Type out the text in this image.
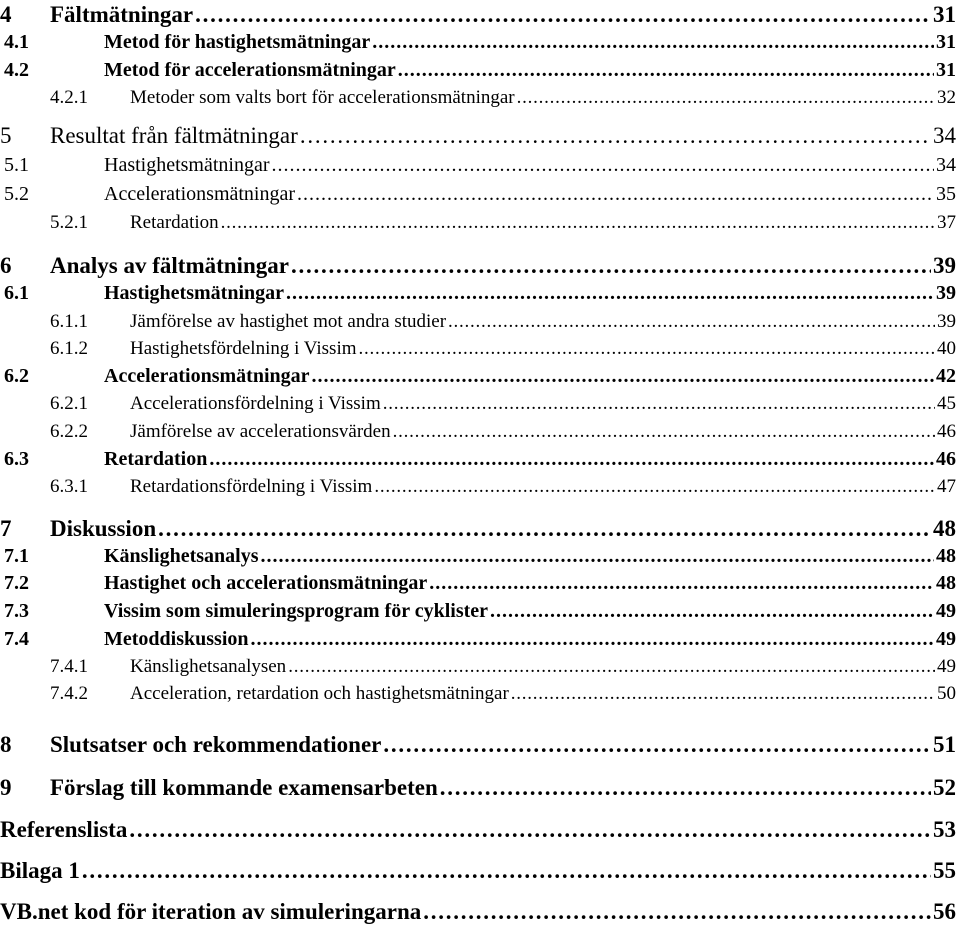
4	Fältmätningar . . .	31
4.1	Metod för hastighetsmätningar . . .	31
4.2	Metod för accelerationsmätningar . . .	31
4.2.1	Metoder som valts bort för accelerationsmätningar . . .	32
5	Resultat från fältmätningar . . .	34
5.1	Hastighetsmätningar . . .	34
5.2	Accelerationsmätningar . . .	35
5.2.1	Retardation . . .	37
6	Analys av fältmätningar . . .	39
6.1	Hastighetsmätningar . . .	39
6.1.1	Jämförelse av hastighet mot andra studier . . .	39
6.1.2	Hastighetsfördelning i Vissim . . .	40
6.2	Accelerationsmätningar . . .	42
6.2.1	Accelerationsfördelning i Vissim . . .	45
6.2.2	Jämförelse av accelerationsvärden . . .	46
6.3	Retardation . . .	46
6.3.1	Retardationsfördelning i Vissim . . .	47
7	Diskussion . . .	48
7.1	Känslighetsanalys . . .	48
7.2	Hastighet och accelerationsmätningar . . .	48
7.3	Vissim som simuleringsprogram för cyklister . . .	49
7.4	Metoddiskussion . . .	49
7.4.1	Känslighetsanalysen . . .	49
7.4.2	Acceleration, retardation och hastighetsmätningar . . .	50
8	Slutsatser och rekommendationer . . .	51
9	Förslag till kommande examensarbeten . . .	52
Referenslista . . .	53
Bilaga 1 . . .	55
VB.net kod för iteration av simuleringarna . . .	56
